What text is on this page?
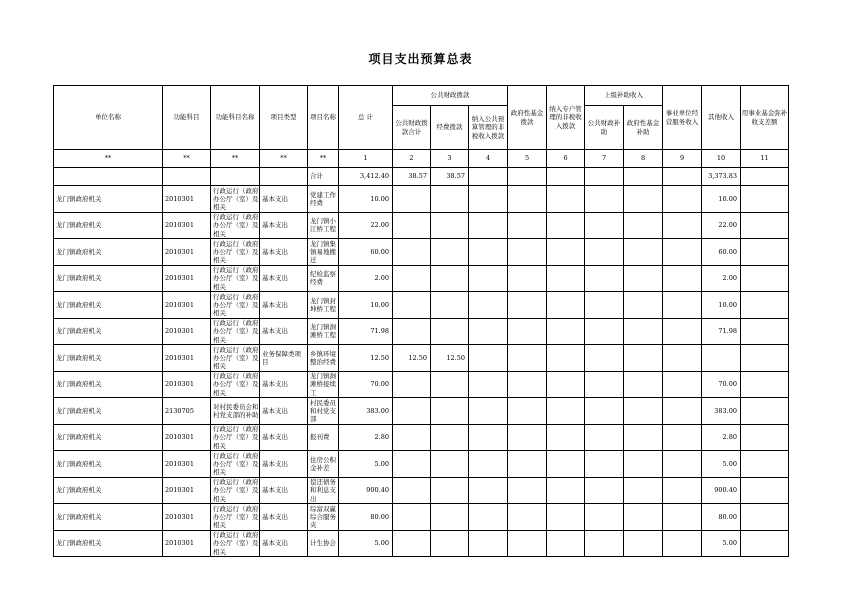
项目支出预算总表
单位名称	功能科目	功能科目名称	项目类型	项目名称	总 计	公共财政拨款			政府性基金拨款	纳入专户管理的非税收入拨款	上级补助收入		事业单位经营服务收入	其他收入	用事业基金弥补收支差额
						公共财政拨款合计	经费拨款	纳入公共预算管理的非税收入拨款			公共财政补助	政府性基金补助			
**	**	**	**	**	1	2	3	4	5	6	7	8	9	10	11
				合计	3,412.40	38.57	38.57							3,373.83	
龙门镇政府机关	2010301	行政运行（政府办公厅（室）及相关	基本支出	党建工作经费	10.00									10.00	
龙门镇政府机关	2010301	行政运行（政府办公厅（室）及相关	基本支出	龙门镇小江桥工程	22.00									22.00	
龙门镇政府机关	2010301	行政运行（政府办公厅（室）及相关	基本支出	龙门镇集镇易地搬迁	60.00									60.00	
龙门镇政府机关	2010301	行政运行（政府办公厅（室）及相关	基本支出	纪检监察经费	2.00									2.00	
龙门镇政府机关	2010301	行政运行（政府办公厅（室）及相关	基本支出	龙门镇封坤桥工程	10.00									10.00	
龙门镇政府机关	2010301	行政运行（政府办公厅（室）及相关	基本支出	龙门镇涧滩桥工程	71.98									71.98	
龙门镇政府机关	2010301	行政运行（政府办公厅（室）及相关	业务保障类项目	乡镇环境整治经费	12.50	12.50	12.50								
龙门镇政府机关	2010301	行政运行（政府办公厅（室）及相关	基本支出	龙门镇涧滩桥接续工	70.00									70.00	
龙门镇政府机关	2130705	对村民委员会和村党支部的补助	基本支出	村民委员和村党支部	383.00									383.00	
龙门镇政府机关	2010301	行政运行（政府办公厅（室）及相关	基本支出	报刊费	2.80									2.80	
龙门镇政府机关	2010301	行政运行（政府办公厅（室）及相关	基本支出	住房公积金补差	5.00									5.00	
龙门镇政府机关	2010301	行政运行（政府办公厅（室）及相关	基本支出	偿还债务和利息支出	900.40									900.40	
龙门镇政府机关	2010301	行政运行（政府办公厅（室）及相关	基本支出	综富双赢综合服务夹	80.00									80.00	
龙门镇政府机关	2010301	行政运行（政府办公厅（室）及相关	基本支出	计生协会	5.00									5.00	
